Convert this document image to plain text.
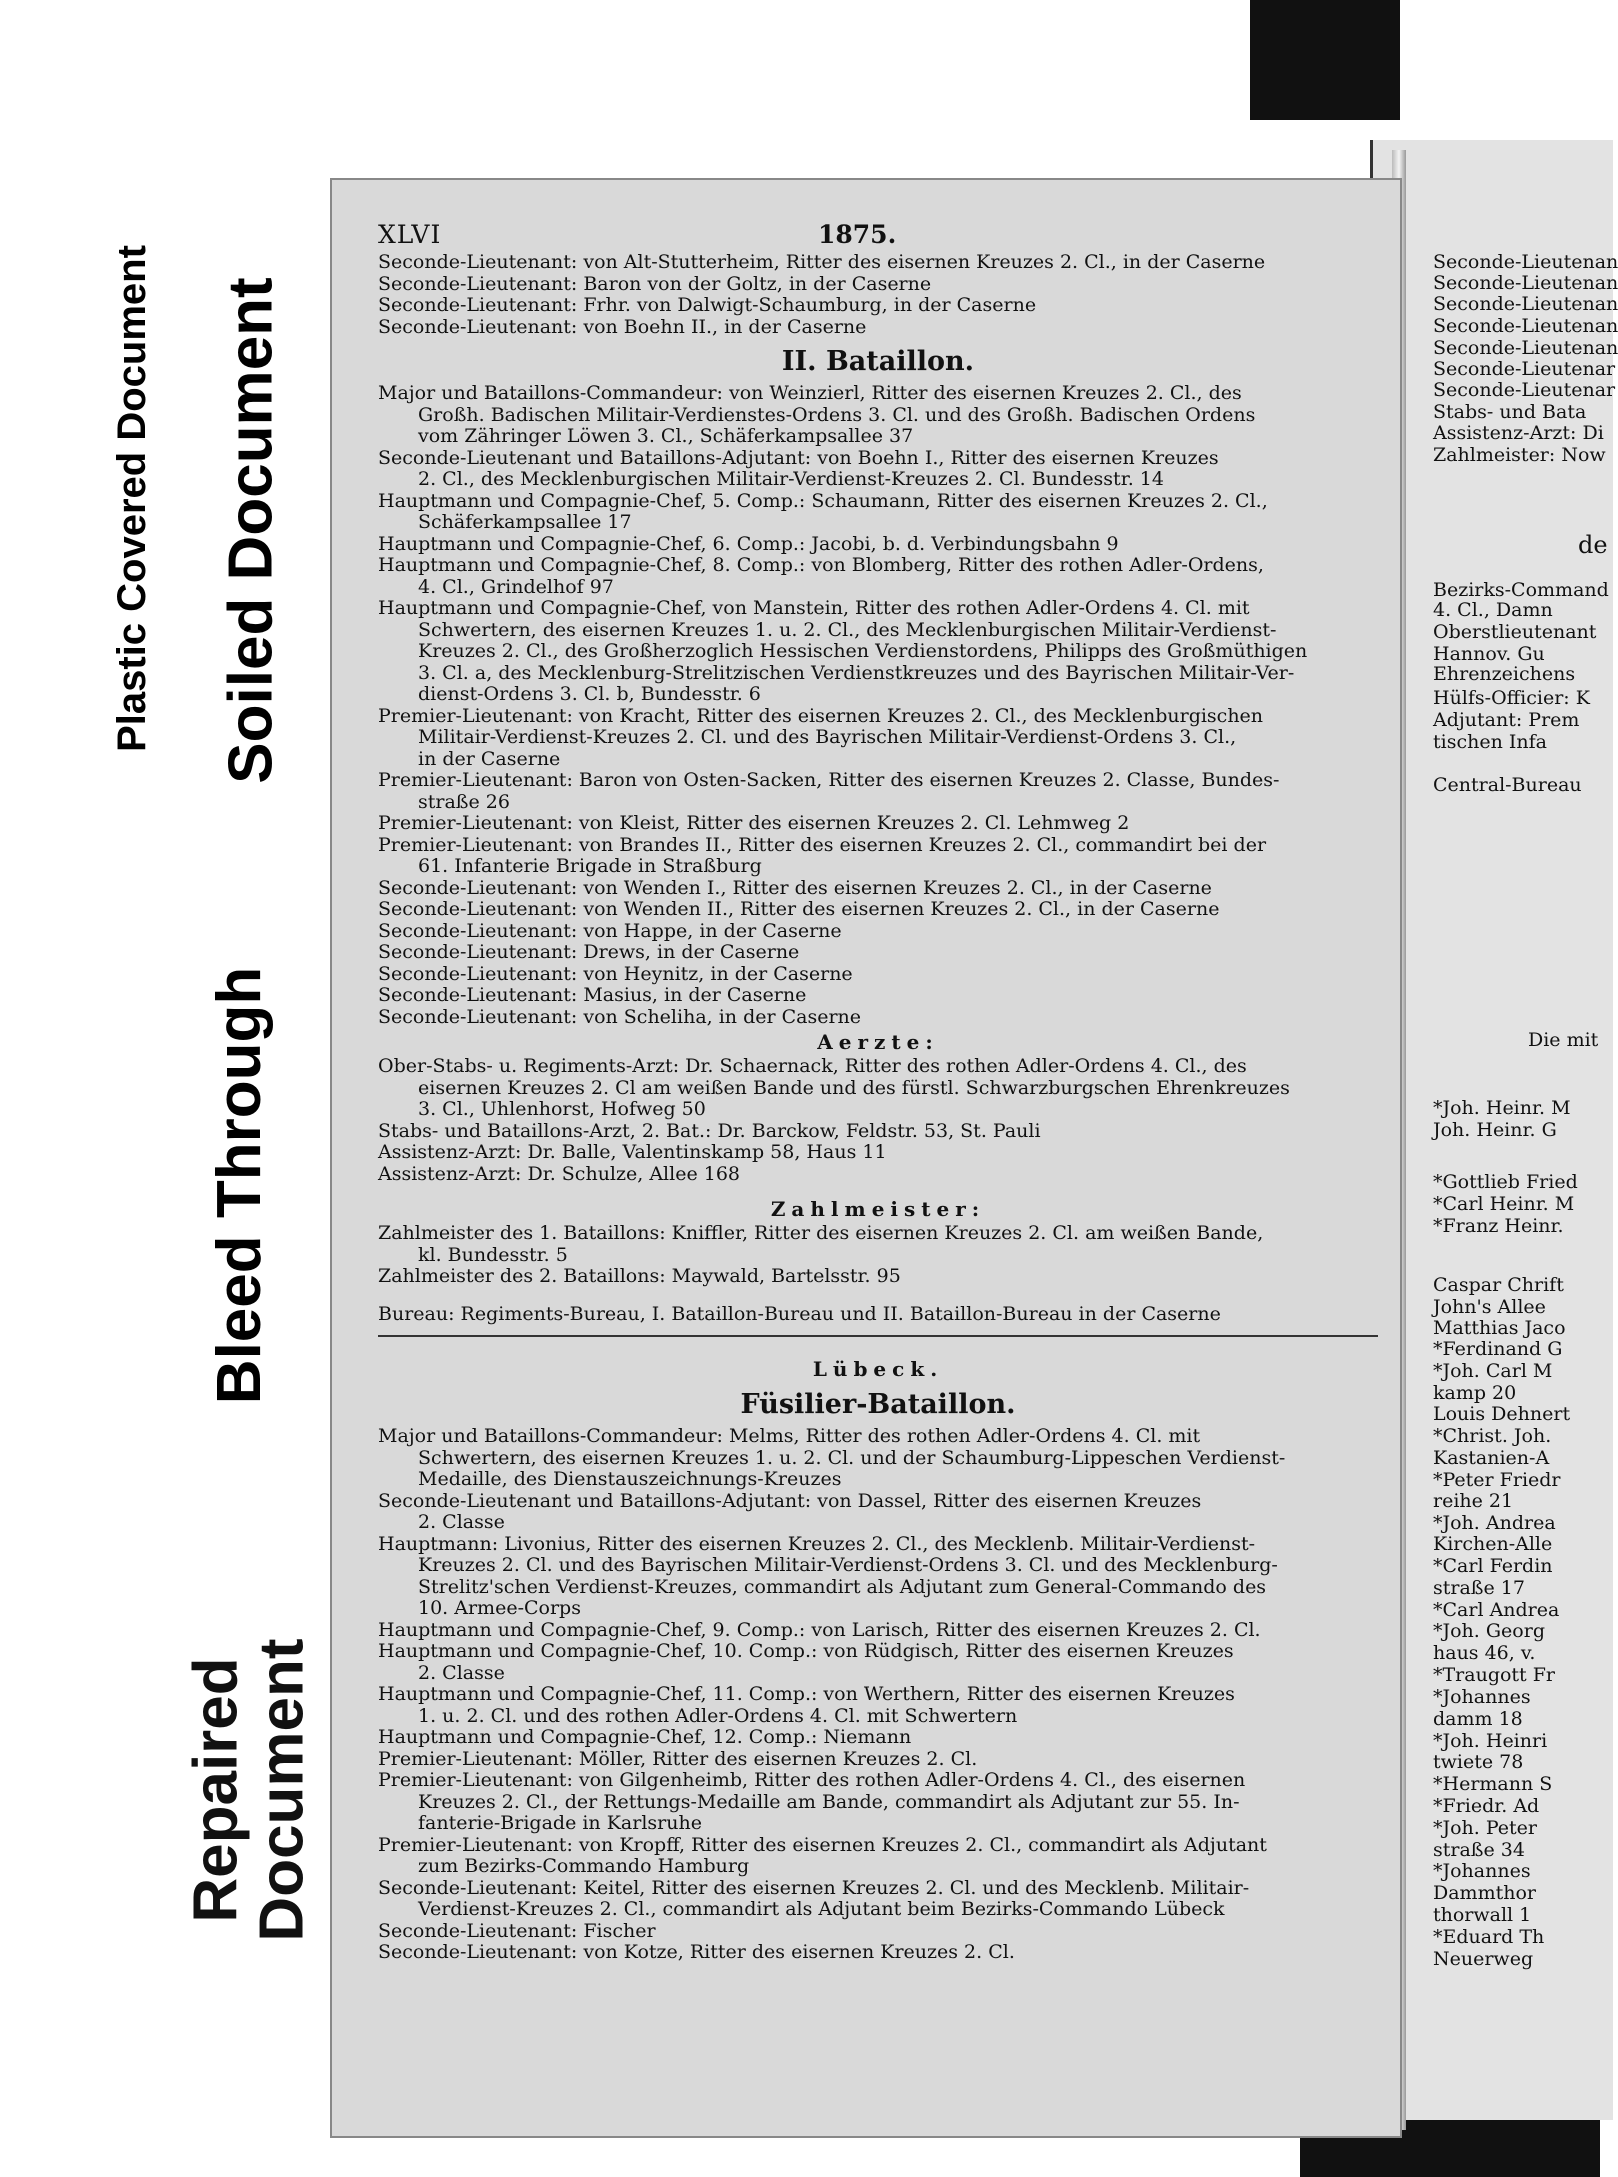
Plastic Covered Document Soiled Document
Bleed Through
Repaired
Document
Seconde-Lieutenan
Seconde-Lieutenan
Seconde-Lieutenan
Seconde-Lieutenan
Seconde-Lieutenan
Seconde-Lieutenar
Seconde-Lieutenar
Stabs- und Bata
Assistenz-Arzt: Di
Zahlmeister: Now
de
Bezirks-Command
4. Cl., Damn
Oberstlieutenant
Hannov. Gu
Ehrenzeichens
Hülfs-Officier: K
Adjutant: Prem
tischen Infa
Central-Bureau
Die mit
*Joh. Heinr. M
Joh. Heinr. G
*Gottlieb Fried
*Carl Heinr. M
*Franz Heinr.
Caspar Chrift
John's Allee
Matthias Jaco
*Ferdinand G
*Joh. Carl M
kamp 20
Louis Dehnert
*Christ. Joh.
Kastanien-A
*Peter Friedr
reihe 21
*Joh. Andrea
Kirchen-Alle
*Carl Ferdin
straße 17
*Carl Andrea
*Joh. Georg
haus 46, v.
*Traugott Fr
*Johannes
damm 18
*Joh. Heinri
twiete 78
*Hermann S
*Friedr. Ad
*Joh. Peter
straße 34
*Johannes
Dammthor
thorwall 1
*Eduard Th
Neuerweg
XLVI	1875.

Seconde-Lieutenant: von Alt-Stutterheim, Ritter des eisernen Kreuzes 2. Cl., in der Caserne

Seconde-Lieutenant: Baron von der Goltz, in der Caserne

Seconde-Lieutenant: Frhr. von Dalwigt-Schaumburg, in der Caserne

Seconde-Lieutenant: von Boehn II., in der Caserne

II. Bataillon.

Major und Bataillons-Commandeur: von Weinzierl, Ritter des eisernen Kreuzes 2. Cl., des

Großh. Badischen Militair-Verdienstes-Ordens 3. Cl. und des Großh. Badischen Ordens

vom Zähringer Löwen 3. Cl., Schäferkampsallee 37

Seconde-Lieutenant und Bataillons-Adjutant: von Boehn I., Ritter des eisernen Kreuzes

2. Cl., des Mecklenburgischen Militair-Verdienst-Kreuzes 2. Cl. Bundesstr. 14

Hauptmann und Compagnie-Chef, 5. Comp.: Schaumann, Ritter des eisernen Kreuzes 2. Cl.,

Schäferkampsallee 17

Hauptmann und Compagnie-Chef, 6. Comp.: Jacobi, b. d. Verbindungsbahn 9

Hauptmann und Compagnie-Chef, 8. Comp.: von Blomberg, Ritter des rothen Adler-Ordens,

4. Cl., Grindelhof 97

Hauptmann und Compagnie-Chef, von Manstein, Ritter des rothen Adler-Ordens 4. Cl. mit

Schwertern, des eisernen Kreuzes 1. u. 2. Cl., des Mecklenburgischen Militair-Verdienst-

Kreuzes 2. Cl., des Großherzoglich Hessischen Verdienstordens, Philipps des Großmüthigen

3. Cl. a, des Mecklenburg-Strelitzischen Verdienstkreuzes und des Bayrischen Militair-Ver-

dienst-Ordens 3. Cl. b, Bundesstr. 6

Premier-Lieutenant: von Kracht, Ritter des eisernen Kreuzes 2. Cl., des Mecklenburgischen

Militair-Verdienst-Kreuzes 2. Cl. und des Bayrischen Militair-Verdienst-Ordens 3. Cl.,

in der Caserne

Premier-Lieutenant: Baron von Osten-Sacken, Ritter des eisernen Kreuzes 2. Classe, Bundes-

straße 26

Premier-Lieutenant: von Kleist, Ritter des eisernen Kreuzes 2. Cl. Lehmweg 2

Premier-Lieutenant: von Brandes II., Ritter des eisernen Kreuzes 2. Cl., commandirt bei der

61. Infanterie Brigade in Straßburg

Seconde-Lieutenant: von Wenden I., Ritter des eisernen Kreuzes 2. Cl., in der Caserne

Seconde-Lieutenant: von Wenden II., Ritter des eisernen Kreuzes 2. Cl., in der Caserne

Seconde-Lieutenant: von Happe, in der Caserne

Seconde-Lieutenant: Drews, in der Caserne

Seconde-Lieutenant: von Heynitz, in der Caserne

Seconde-Lieutenant: Masius, in der Caserne

Seconde-Lieutenant: von Scheliha, in der Caserne

Aerzte:

Ober-Stabs- u. Regiments-Arzt: Dr. Schaernack, Ritter des rothen Adler-Ordens 4. Cl., des

eisernen Kreuzes 2. Cl am weißen Bande und des fürstl. Schwarzburgschen Ehrenkreuzes

3. Cl., Uhlenhorst, Hofweg 50

Stabs- und Bataillons-Arzt, 2. Bat.: Dr. Barckow, Feldstr. 53, St. Pauli

Assistenz-Arzt: Dr. Balle, Valentinskamp 58, Haus 11

Assistenz-Arzt: Dr. Schulze, Allee 168

Zahlmeister:

Zahlmeister des 1. Bataillons: Kniffler, Ritter des eisernen Kreuzes 2. Cl. am weißen Bande,

kl. Bundesstr. 5

Zahlmeister des 2. Bataillons: Maywald, Bartelsstr. 95

Bureau: Regiments-Bureau, I. Bataillon-Bureau und II. Bataillon-Bureau in der Caserne
Lübeck.
Füsilier-Bataillon.

Major und Bataillons-Commandeur: Melms, Ritter des rothen Adler-Ordens 4. Cl. mit

Schwertern, des eisernen Kreuzes 1. u. 2. Cl. und der Schaumburg-Lippeschen Verdienst-

Medaille, des Dienstauszeichnungs-Kreuzes

Seconde-Lieutenant und Bataillons-Adjutant: von Dassel, Ritter des eisernen Kreuzes

2. Classe

Hauptmann: Livonius, Ritter des eisernen Kreuzes 2. Cl., des Mecklenb. Militair-Verdienst-

Kreuzes 2. Cl. und des Bayrischen Militair-Verdienst-Ordens 3. Cl. und des Mecklenburg-

Strelitz'schen Verdienst-Kreuzes, commandirt als Adjutant zum General-Commando des

10. Armee-Corps

Hauptmann und Compagnie-Chef, 9. Comp.: von Larisch, Ritter des eisernen Kreuzes 2. Cl.

Hauptmann und Compagnie-Chef, 10. Comp.: von Rüdgisch, Ritter des eisernen Kreuzes

2. Classe

Hauptmann und Compagnie-Chef, 11. Comp.: von Werthern, Ritter des eisernen Kreuzes

1. u. 2. Cl. und des rothen Adler-Ordens 4. Cl. mit Schwertern

Hauptmann und Compagnie-Chef, 12. Comp.: Niemann

Premier-Lieutenant: Möller, Ritter des eisernen Kreuzes 2. Cl.

Premier-Lieutenant: von Gilgenheimb, Ritter des rothen Adler-Ordens 4. Cl., des eisernen

Kreuzes 2. Cl., der Rettungs-Medaille am Bande, commandirt als Adjutant zur 55. In-

fanterie-Brigade in Karlsruhe

Premier-Lieutenant: von Kropff, Ritter des eisernen Kreuzes 2. Cl., commandirt als Adjutant

zum Bezirks-Commando Hamburg

Seconde-Lieutenant: Keitel, Ritter des eisernen Kreuzes 2. Cl. und des Mecklenb. Militair-

Verdienst-Kreuzes 2. Cl., commandirt als Adjutant beim Bezirks-Commando Lübeck

Seconde-Lieutenant: Fischer

Seconde-Lieutenant: von Kotze, Ritter des eisernen Kreuzes 2. Cl.
